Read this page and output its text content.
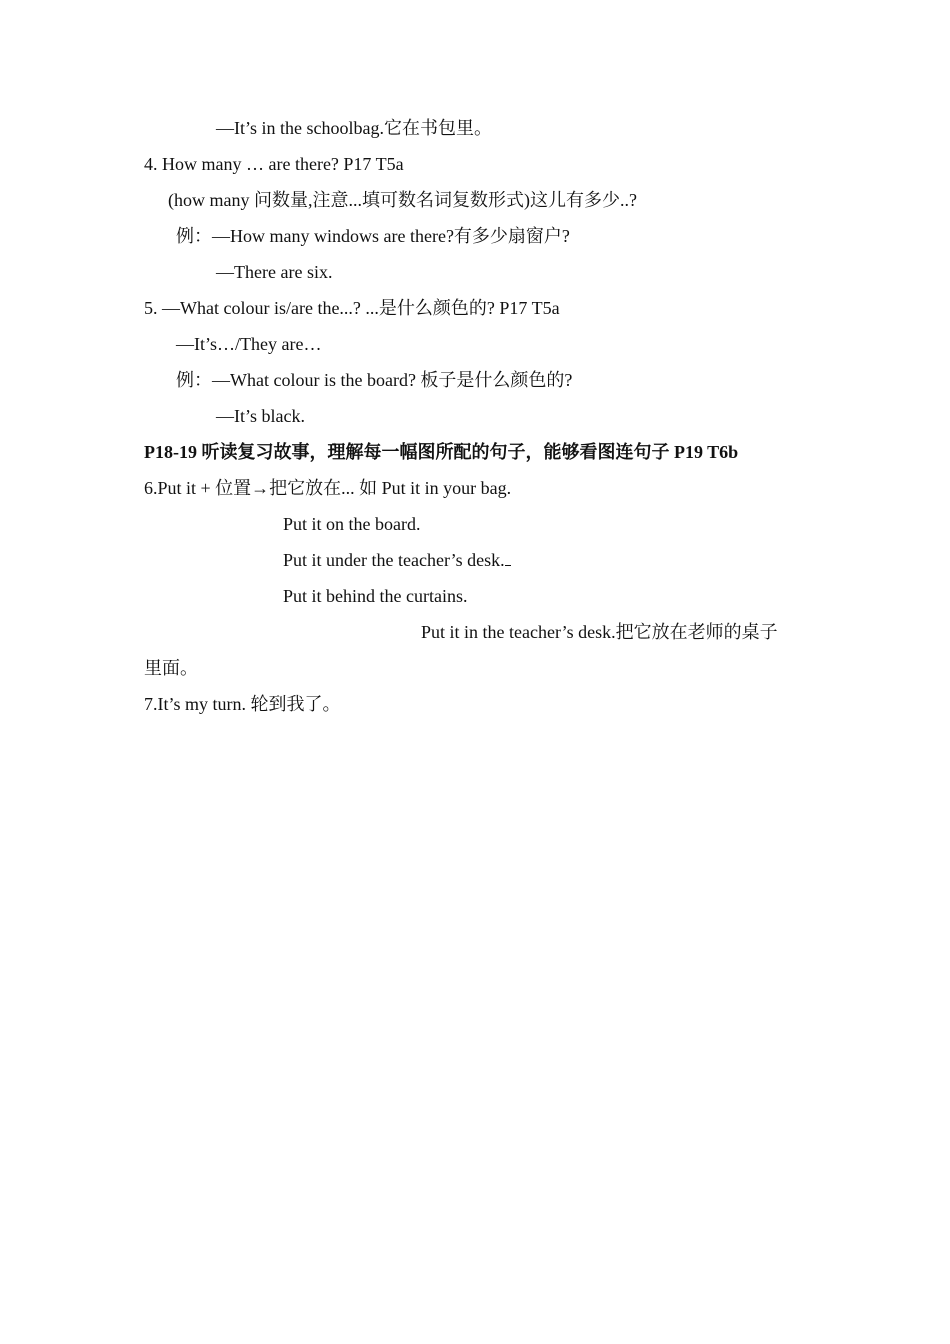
—It’s in the schoolbag.它在书包里。
4. How many … are there? P17 T5a
(how many 问数量,注意...填可数名词复数形式)这儿有多少..?
例：—How many windows are there?有多少扇窗户?
—There are six.
5. —What colour is/are the...? ...是什么颜色的? P17 T5a
—It’s…/They are…
例：—What colour is the board? 板子是什么颜色的?
—It’s black.
P18-19 听读复习故事，理解每一幅图所配的句子，能够看图连句子 P19 T6b
6.Put it + 位置→把它放在... 如 Put it in your bag.
Put it on the board.
Put it under the teacher’s desk.
Put it behind the curtains.
Put it in the teacher’s desk.把它放在老师的桌子
里面。
7.It’s my turn. 轮到我了。
